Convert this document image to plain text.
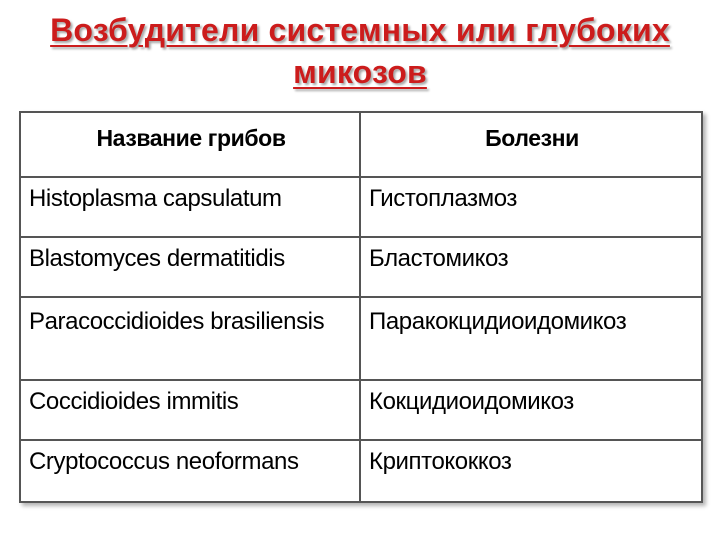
Возбудители системных или глубоких
микозов
Название грибов	Болезни
Histoplasma capsulatum	Гистоплазмоз
Blastomyces dermatitidis	Бластомикоз
Paracoccidioides brasiliensis	Паракокцидиоидомикоз
Coccidioides immitis	Кокцидиоидомикоз
Cryptococcus neoformans	Криптококкоз
